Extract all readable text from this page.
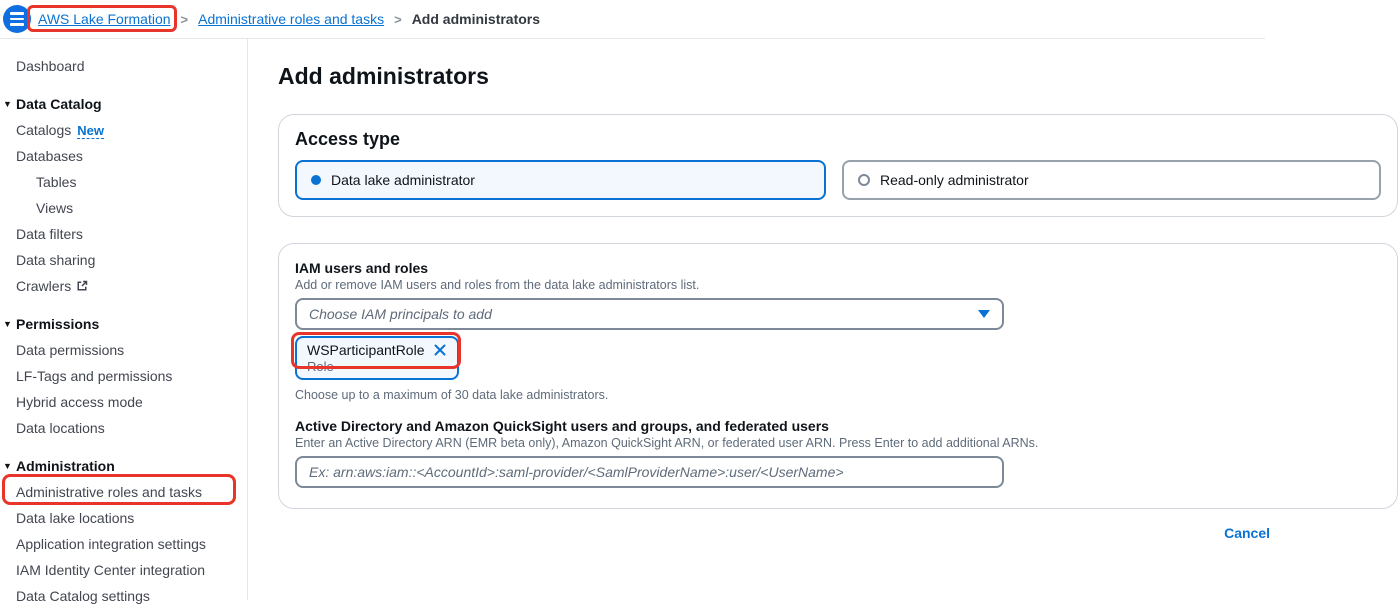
AWS Lake Formation > Administrative roles and tasks > Add administrators
Dashboard
▼ Data Catalog
Catalogs New
Databases
Tables
Views
Data filters
Data sharing
Crawlers
▼ Permissions
Data permissions
LF-Tags and permissions
Hybrid access mode
Data locations
▼ Administration
Administrative roles and tasks
Data lake locations
Application integration settings
IAM Identity Center integration
Data Catalog settings
Add administrators
Access type
Data lake administrator	Read-only administrator
IAM users and roles
Add or remove IAM users and roles from the data lake administrators list.
Choose IAM principals to add
WSParticipantRole
Role
Choose up to a maximum of 30 data lake administrators.
Active Directory and Amazon QuickSight users and groups, and federated users
Enter an Active Directory ARN (EMR beta only), Amazon QuickSight ARN, or federated user ARN. Press Enter to add additional ARNs.
Ex: arn:aws:iam::<AccountId>:saml-provider/<SamlProviderName>:user/<UserName>
Cancel
